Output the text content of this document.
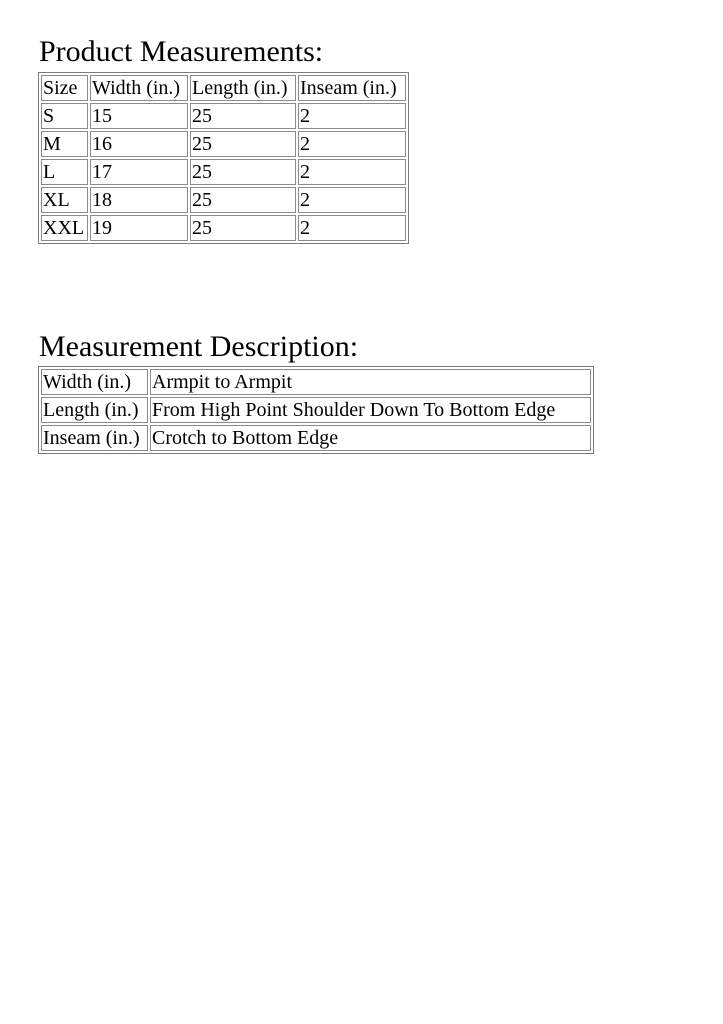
Product Measurements:
Size	Width (in.)	Length (in.)	Inseam (in.)
S	15	25	2
M	16	25	2
L	17	25	2
XL	18	25	2
XXL	19	25	2
Measurement Description:
Width (in.)	Armpit to Armpit
Length (in.)	From High Point Shoulder Down To Bottom Edge
Inseam (in.)	Crotch to Bottom Edge
